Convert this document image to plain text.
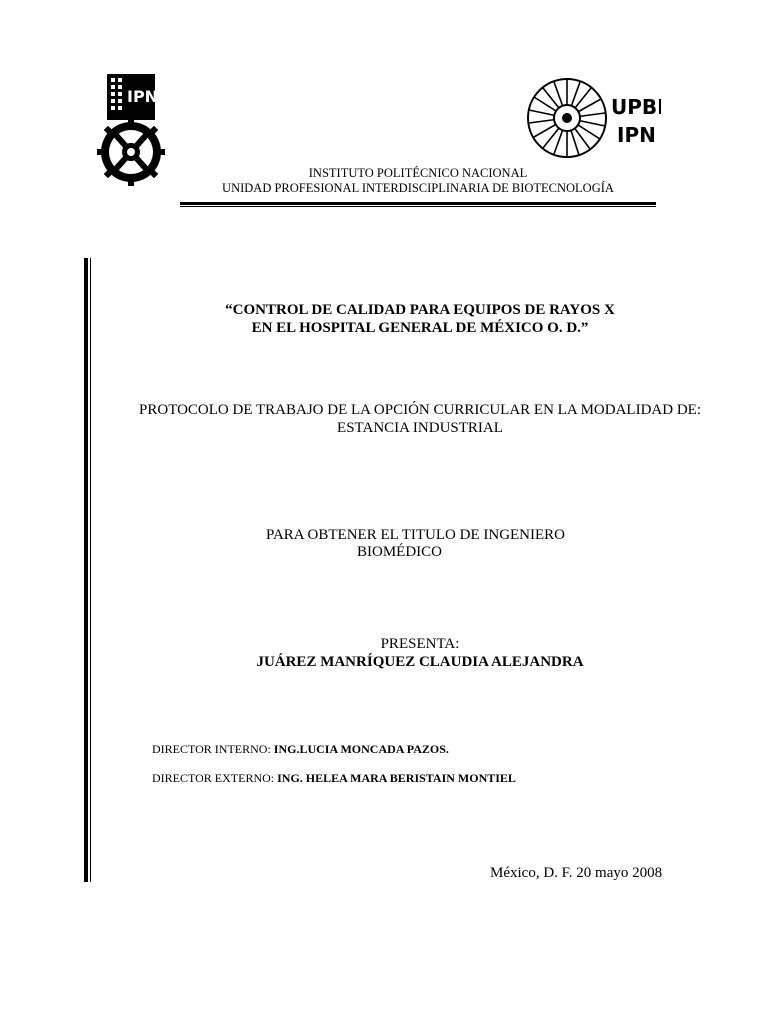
IPN	UPBI
IPN
INSTITUTO POLITÉCNICO NACIONAL
UNIDAD PROFESIONAL INTERDISCIPLINARIA DE BIOTECNOLOGÍA
“CONTROL DE CALIDAD PARA EQUIPOS DE RAYOS X
EN EL HOSPITAL GENERAL DE MÉXICO O. D.”
PROTOCOLO DE TRABAJO DE LA OPCIÓN CURRICULAR EN LA MODALIDAD DE:
ESTANCIA INDUSTRIAL
PARA OBTENER EL TITULO DE INGENIERO
BIOMÉDICO
PRESENTA:
JUÁREZ MANRÍQUEZ CLAUDIA ALEJANDRA
DIRECTOR INTERNO: ING.LUCIA MONCADA PAZOS.
DIRECTOR EXTERNO: ING. HELEA MARA BERISTAIN MONTIEL
México, D. F. 20 mayo 2008
